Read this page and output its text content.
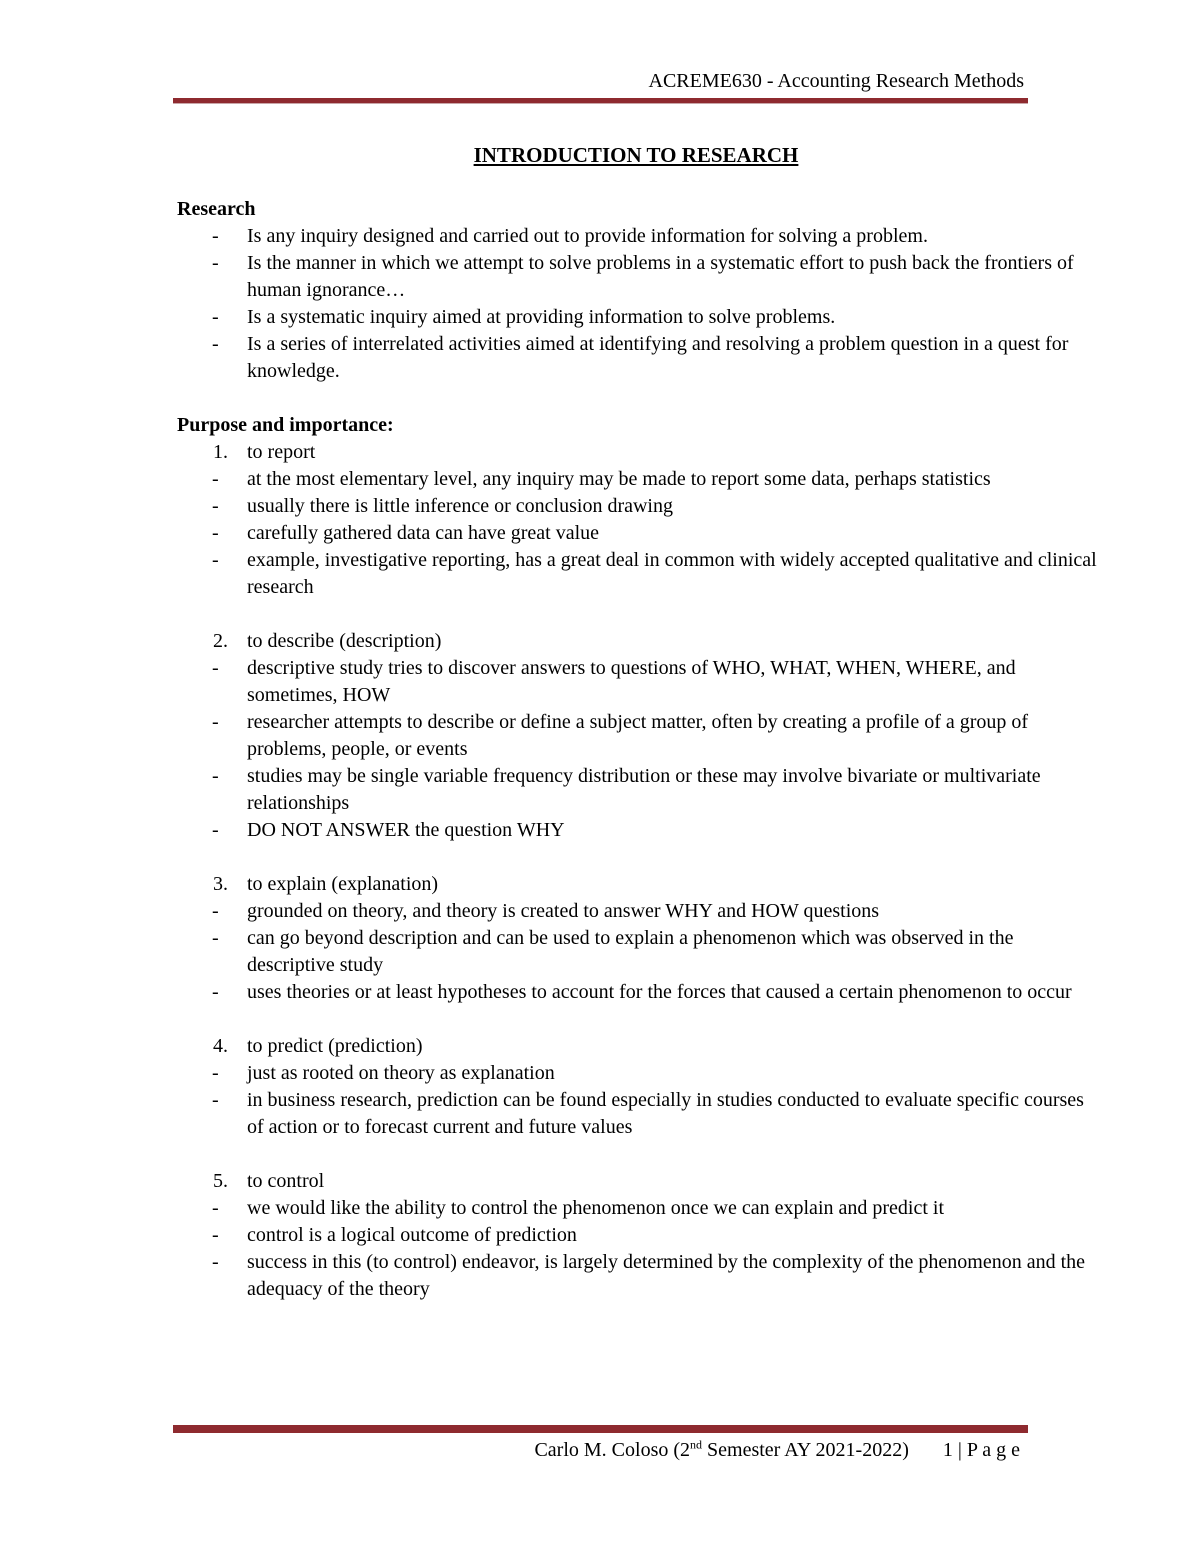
ACREME630 - Accounting Research Methods
INTRODUCTION TO RESEARCH

Research

-	Is any inquiry designed and carried out to provide information for solving a problem.
-	Is the manner in which we attempt to solve problems in a systematic effort to push back the frontiers of human ignorance…
-	Is a systematic inquiry aimed at providing information to solve problems.
-	Is a series of interrelated activities aimed at identifying and resolving a problem question in a quest for knowledge.

Purpose and importance:

1. to report
-	at the most elementary level, any inquiry may be made to report some data, perhaps statistics
-	usually there is little inference or conclusion drawing
-	carefully gathered data can have great value
-	example, investigative reporting, has a great deal in common with widely accepted qualitative and clinical research
2. to describe (description)
-	descriptive study tries to discover answers to questions of WHO, WHAT, WHEN, WHERE, and sometimes, HOW
-	researcher attempts to describe or define a subject matter, often by creating a profile of a group of problems, people, or events
-	studies may be single variable frequency distribution or these may involve bivariate or multivariate relationships
-	DO NOT ANSWER the question WHY
3. to explain (explanation)
-	grounded on theory, and theory is created to answer WHY and HOW questions
-	can go beyond description and can be used to explain a phenomenon which was observed in the descriptive study
-	uses theories or at least hypotheses to account for the forces that caused a certain phenomenon to occur
4. to predict (prediction)
-	just as rooted on theory as explanation
-	in business research, prediction can be found especially in studies conducted to evaluate specific courses of action or to forecast current and future values
5. to control
-	we would like the ability to control the phenomenon once we can explain and predict it
-	control is a logical outcome of prediction
-	success in this (to control) endeavor, is largely determined by the complexity of the phenomenon and the adequacy of the theory
Carlo M. Coloso (2nd Semester AY 2021-2022) 1 | P a g e
